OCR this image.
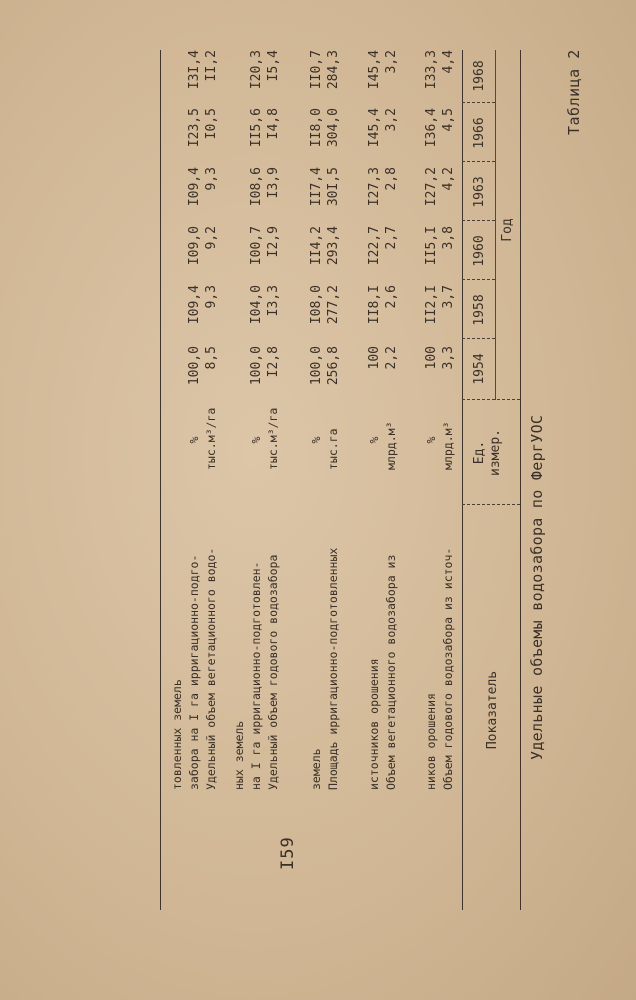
Таблица 2
Удельные объемы водозабора по ФергУОС
Показатель
Ед. измер.
Год
1954
1958
1960
1963
1966
1968
Объем годового водозабора из источ-
ников орошения
млрд.м³
%
3,3
3,7
3,8
4,2
4,5
4,4
100
II2,I
II5,I
I27,2
I36,4
I33,3
Объем вегетационного водозабора из
источников орошения
млрд.м³
%
2,2
2,6
2,7
2,8
3,2
3,2
100
II8,I
I22,7
I27,3
I45,4
I45,4
Площадь ирригационно-подготовленных
земель
тыс.га
%
256,8
277,2
293,4
30I,5
304,0
284,3
100,0
I08,0
II4,2
II7,4
II8,0
II0,7
Удельный объем годового водозабора
на I га ирригационно-подготовлен-
ных земель
тыс.м³/га
%
I2,8
I3,3
I2,9
I3,9
I4,8
I5,4
100,0
I04,0
I00,7
I08,6
II5,6
I20,3
Удельный объем вегетационного водо-
забора на I га ирригационно-подго-
товленных земель
тыс.м³/га
%
8,5
9,3
9,2
9,3
I0,5
II,2
100,0
I09,4
I09,0
I09,4
I23,5
I3I,4
I59
